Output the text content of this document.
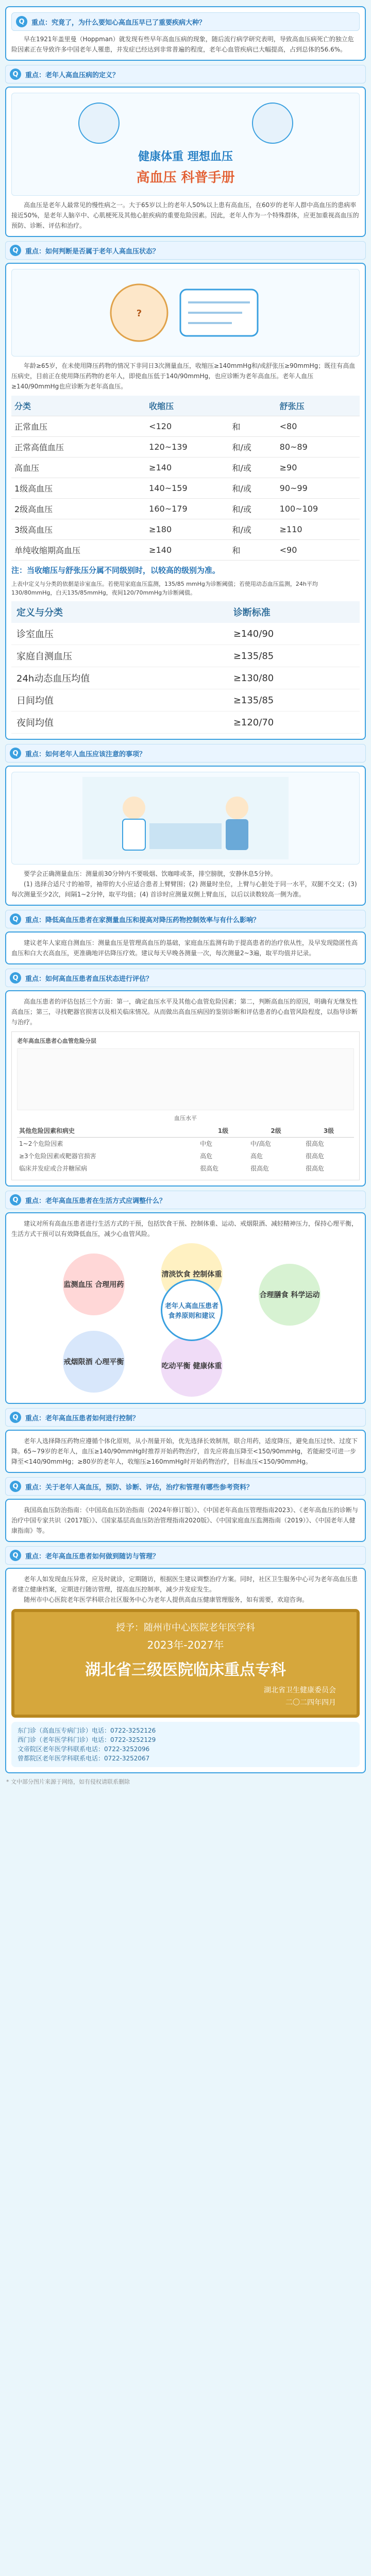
Q	重点：究竟了，为什么要知心高血压早已了重要疾病大种？
早在1921年盖里曼（Hoppman）就发现有些早年高血压病的现象，随后流行病学研究表明，导致高血压病死亡的独立危险因素正在导致许多中国老年人罹患，并发症已经达到非常普遍的程度，老年心血管疾病已大幅提高，占到总体的56.6%。
Q	重点：老年人高血压病的定义？
健康体重 理想血压
高血压 科普手册
高血压是老年人最常见的慢性病之一。大于65岁以上的老年人50%以上患有高血压，在60岁的老年人群中高血压的患病率接近50%，是老年人脑卒中、心肌梗死及其他心脏疾病的重要危险因素。因此，老年人作为一个特殊群体，应更加重视高血压的预防、诊断、评估和治疗。
Q	重点：如何判断是否属于老年人高血压状态？
?
年龄≥65岁，在未使用降压药物的情况下非同日3次测量血压，收缩压≥140mmHg和/或舒张压≥90mmHg；既往有高血压病史，目前正在使用降压药物的老年人，即使血压低于140/90mmHg，也应诊断为老年高血压。老年人血压≥140/90mmHg也应诊断为老年高血压。
分类	收缩压		舒张压
正常血压	<120	和	<80
正常高值血压	120~139	和/或	80~89
高血压	≥140	和/或	≥90
1级高血压	140~159	和/或	90~99
2级高血压	160~179	和/或	100~109
3级高血压	≥180	和/或	≥110
单纯收缩期高血压	≥140	和	<90
注：当收缩压与舒张压分属不同级别时，以较高的级别为准。
上表中定义与分类的依据是诊室血压。若使用家庭血压监测，135/85 mmHg为诊断阈值；若使用动态血压监测，24h平均130/80mmHg，白天135/85mmHg，夜间120/70mmHg为诊断阈值。
定义与分类	诊断标准
诊室血压	≥140/90
家庭自测血压	≥135/85
24h动态血压均值	≥130/80
日间均值	≥135/85
夜间均值	≥120/70
Q	重点：如何老年人血压应该注意的事项？
要学会正确测量血压：测量前30分钟内不要吸烟、饮咖啡或茶，排空膀胱，安静休息5分钟。
(1) 选择合适尺寸的袖带，袖带的大小应适合患者上臂臂围；(2) 测量时坐位，上臂与心脏处于同一水平，双腿不交叉；(3) 每次测量至少2次，间隔1~2分钟，取平均值；(4) 首诊时应测量双侧上臂血压，以后以读数较高一侧为准。
Q	重点：降低高血压患者在家测量血压和提高对降压药物控制效率与有什么影响？
建议老年人家庭自测血压：测量血压是管理高血压的基础，家庭血压监测有助于提高患者的治疗依从性，及早发现隐匿性高血压和白大衣高血压，更准确地评估降压疗效。建议每天早晚各测量一次，每次测量2~3遍，取平均值并记录。
Q	重点：如何高血压患者血压状态进行评估？
高血压患者的评估包括三个方面：第一，确定血压水平及其他心血管危险因素；第二，判断高血压的原因，明确有无继发性高血压；第三，寻找靶器官损害以及相关临床情况。从而做出高血压病因的鉴别诊断和评估患者的心血管风险程度，以指导诊断与治疗。
老年高血压患者心血管危险分层
血压水平
其他危险因素和病史	1级	2级	3级
1~2个危险因素	中危	中/高危	很高危
≥3个危险因素或靶器官损害	高危	高危	很高危
临床并发症或合并糖尿病	很高危	很高危	很高危
Q	重点：老年高血压患者在生活方式应调整什么？
建议对所有高血压患者进行生活方式的干预，包括饮食干预、控制体重、运动、戒烟限酒、减轻精神压力，保持心理平衡，生活方式干预可以有效降低血压，减少心血管风险。
监测血压 合理用药
清淡饮食 控制体重
合理膳食 科学运动
戒烟限酒 心理平衡	吃动平衡 健康体重
老年人高血压患者 食养原则和建议
Q	重点：老年高血压患者如何进行控制？
老年人选择降压药物应遵循个体化原则，从小剂量开始，优先选择长效制剂，联合用药，适度降压，避免血压过快、过度下降。65~79岁的老年人，血压≥140/90mmHg时推荐开始药物治疗，首先应将血压降至<150/90mmHg，若能耐受可进一步降至<140/90mmHg；≥80岁的老年人，收缩压≥160mmHg时开始药物治疗，目标血压<150/90mmHg。
Q	重点：关于老年人高血压，预防、诊断、评估，治疗和管理有哪些参考资料？
我国高血压防治指南：《中国高血压防治指南（2024年修订版）》、《中国老年高血压管理指南2023》、《老年高血压的诊断与治疗中国专家共识（2017版）》、《国家基层高血压防治管理指南2020版》、《中国家庭血压监测指南（2019）》、《中国老年人健康指南》等。
Q	重点：老年高血压患者如何做到随访与管理？
老年人如发现血压异常，应及时就诊，定期随访，根据医生建议调整治疗方案。同时，社区卫生服务中心可为老年高血压患者建立健康档案，定期进行随访管理，提高血压控制率，减少并发症发生。
随州市中心医院老年医学科联合社区服务中心为老年人提供高血压健康管理服务，如有需要，欢迎咨询。
授予：随州市中心医院老年医学科
2023年-2027年
湖北省三级医院临床重点专科
湖北省卫生健康委员会
二〇二四年四月
东门诊（高血压专病门诊）电话：0722-3252126
西门诊（老年医学科门诊）电话：0722-3252129
文帝院区老年医学科联系电话：0722-3252096
曾都院区老年医学科联系电话：0722-3252067
* 文中部分图片来源于网络，如有侵权请联系删除
